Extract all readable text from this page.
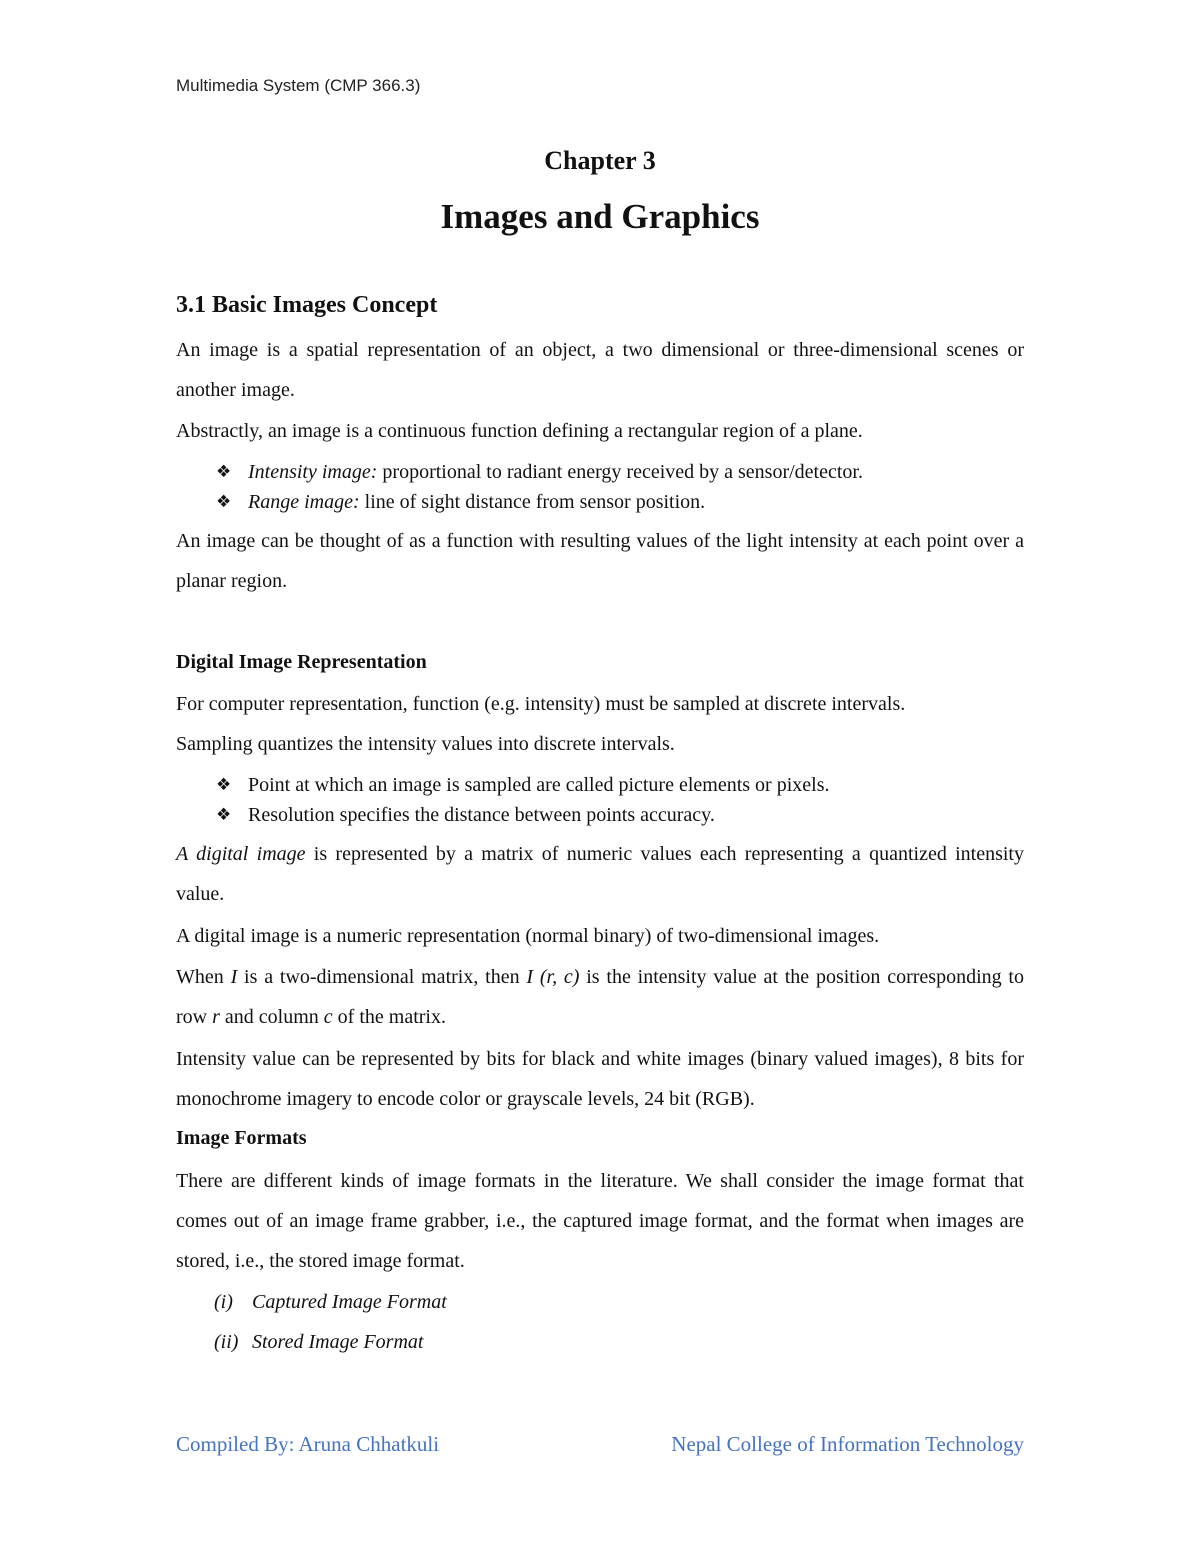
Multimedia System (CMP 366.3)

Chapter 3
Images and Graphics
3.1 Basic Images Concept

An image is a spatial representation of an object, a two dimensional or three-dimensional scenes or another image.

Abstractly, an image is a continuous function defining a rectangular region of a plane.

❖ Intensity image: proportional to radiant energy received by a sensor/detector.
❖ Range image: line of sight distance from sensor position.

An image can be thought of as a function with resulting values of the light intensity at each point over a planar region.

Digital Image Representation

For computer representation, function (e.g. intensity) must be sampled at discrete intervals.

Sampling quantizes the intensity values into discrete intervals.

❖ Point at which an image is sampled are called picture elements or pixels.
❖ Resolution specifies the distance between points accuracy.

A digital image is represented by a matrix of numeric values each representing a quantized intensity value.

A digital image is a numeric representation (normal binary) of two-dimensional images.

When I is a two-dimensional matrix, then I (r, c) is the intensity value at the position corresponding to row r and column c of the matrix.

Intensity value can be represented by bits for black and white images (binary valued images), 8 bits for monochrome imagery to encode color or grayscale levels, 24 bit (RGB).

Image Formats

There are different kinds of image formats in the literature. We shall consider the image format that comes out of an image frame grabber, i.e., the captured image format, and the format when images are stored, i.e., the stored image format.

(i) Captured Image Format
(ii) Stored Image Format

Compiled By: Aruna Chhatkuli	Nepal College of Information Technology
